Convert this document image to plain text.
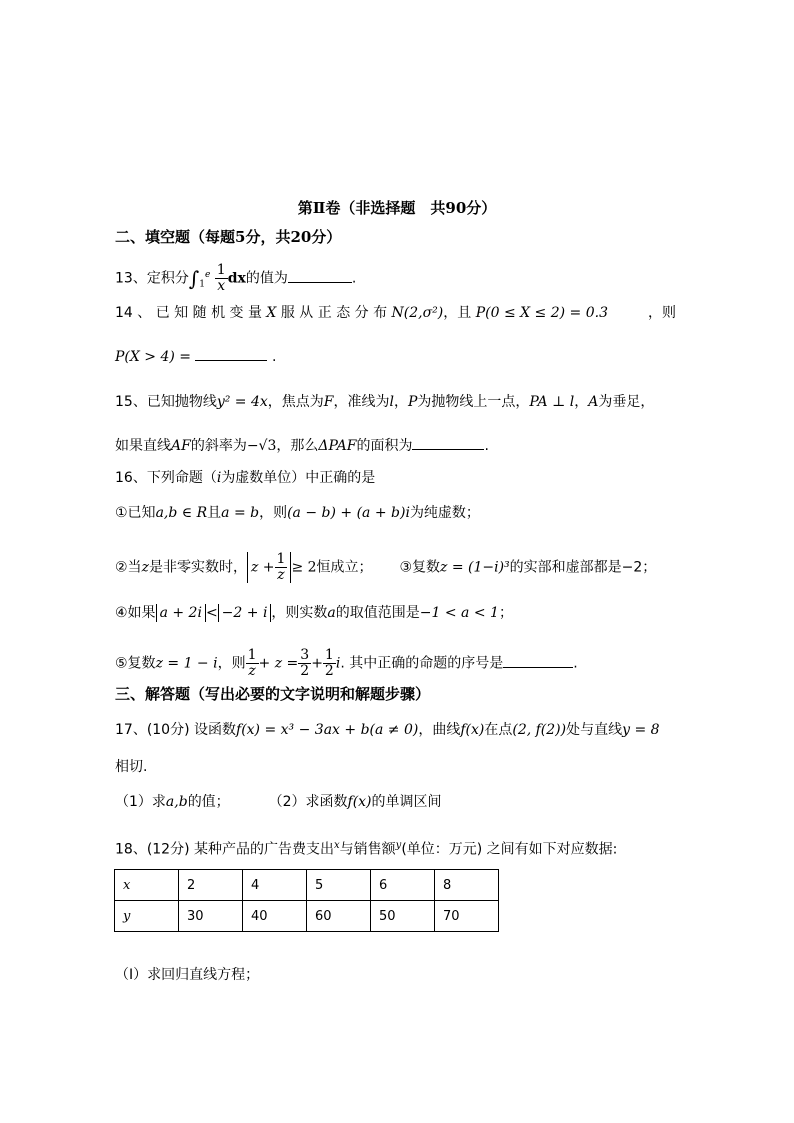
第Ⅱ卷（非选择题　共90分）
二、填空题（每题5分，共20分）
13、定积分$\int_1^e \frac{1}{x}$ dx的值为	.
14 、 已 知 随 机 变 量 X 服 从 正 态 分 布 N(2,σ²)，且 P(0 ≤ X ≤ 2) = 0.3	，则
P(X > 4) =	.
15、已知抛物线y² = 4x，焦点为F，准线为l，P为抛物线上一点，PA ⊥ l，A为垂足，
如果直线AF的斜率为−√3，那么ΔPAF的面积为	.
16、下列命题（i为虚数单位）中正确的是
①已知a,b ∈ R且a = b，则(a − b) + (a + b)i为纯虚数；
②当z是非零实数时， $z + \frac{1}{z} \ge 2$恒成立； ③复数z = (1−i)³的实部和虚部都是−2；
④如果 a + 2i < −2 + i ，则实数a的取值范围是−1 < a < 1；
⑤复数z = 1 − i，则 $\frac{1}{z} + z = \frac{3}{2} + \frac{1}{2} i$. 其中正确的命题的序号是	.
三、解答题（写出必要的文字说明和解题步骤）
17、(10分) 设函数f(x) = x³ − 3ax + b(a ≠ 0)，曲线f(x)在点(2, f(2))处与直线y = 8
相切.
（1）求a,b的值；	（2）求函数f(x)的单调区间
18、(12分) 某种产品的广告费支出$^x$与销售额$^y$(单位：万元) 之间有如下对应数据:
x	2	4	5	6	8
y	30	40	60	50	70
（Ⅰ）求回归直线方程；
